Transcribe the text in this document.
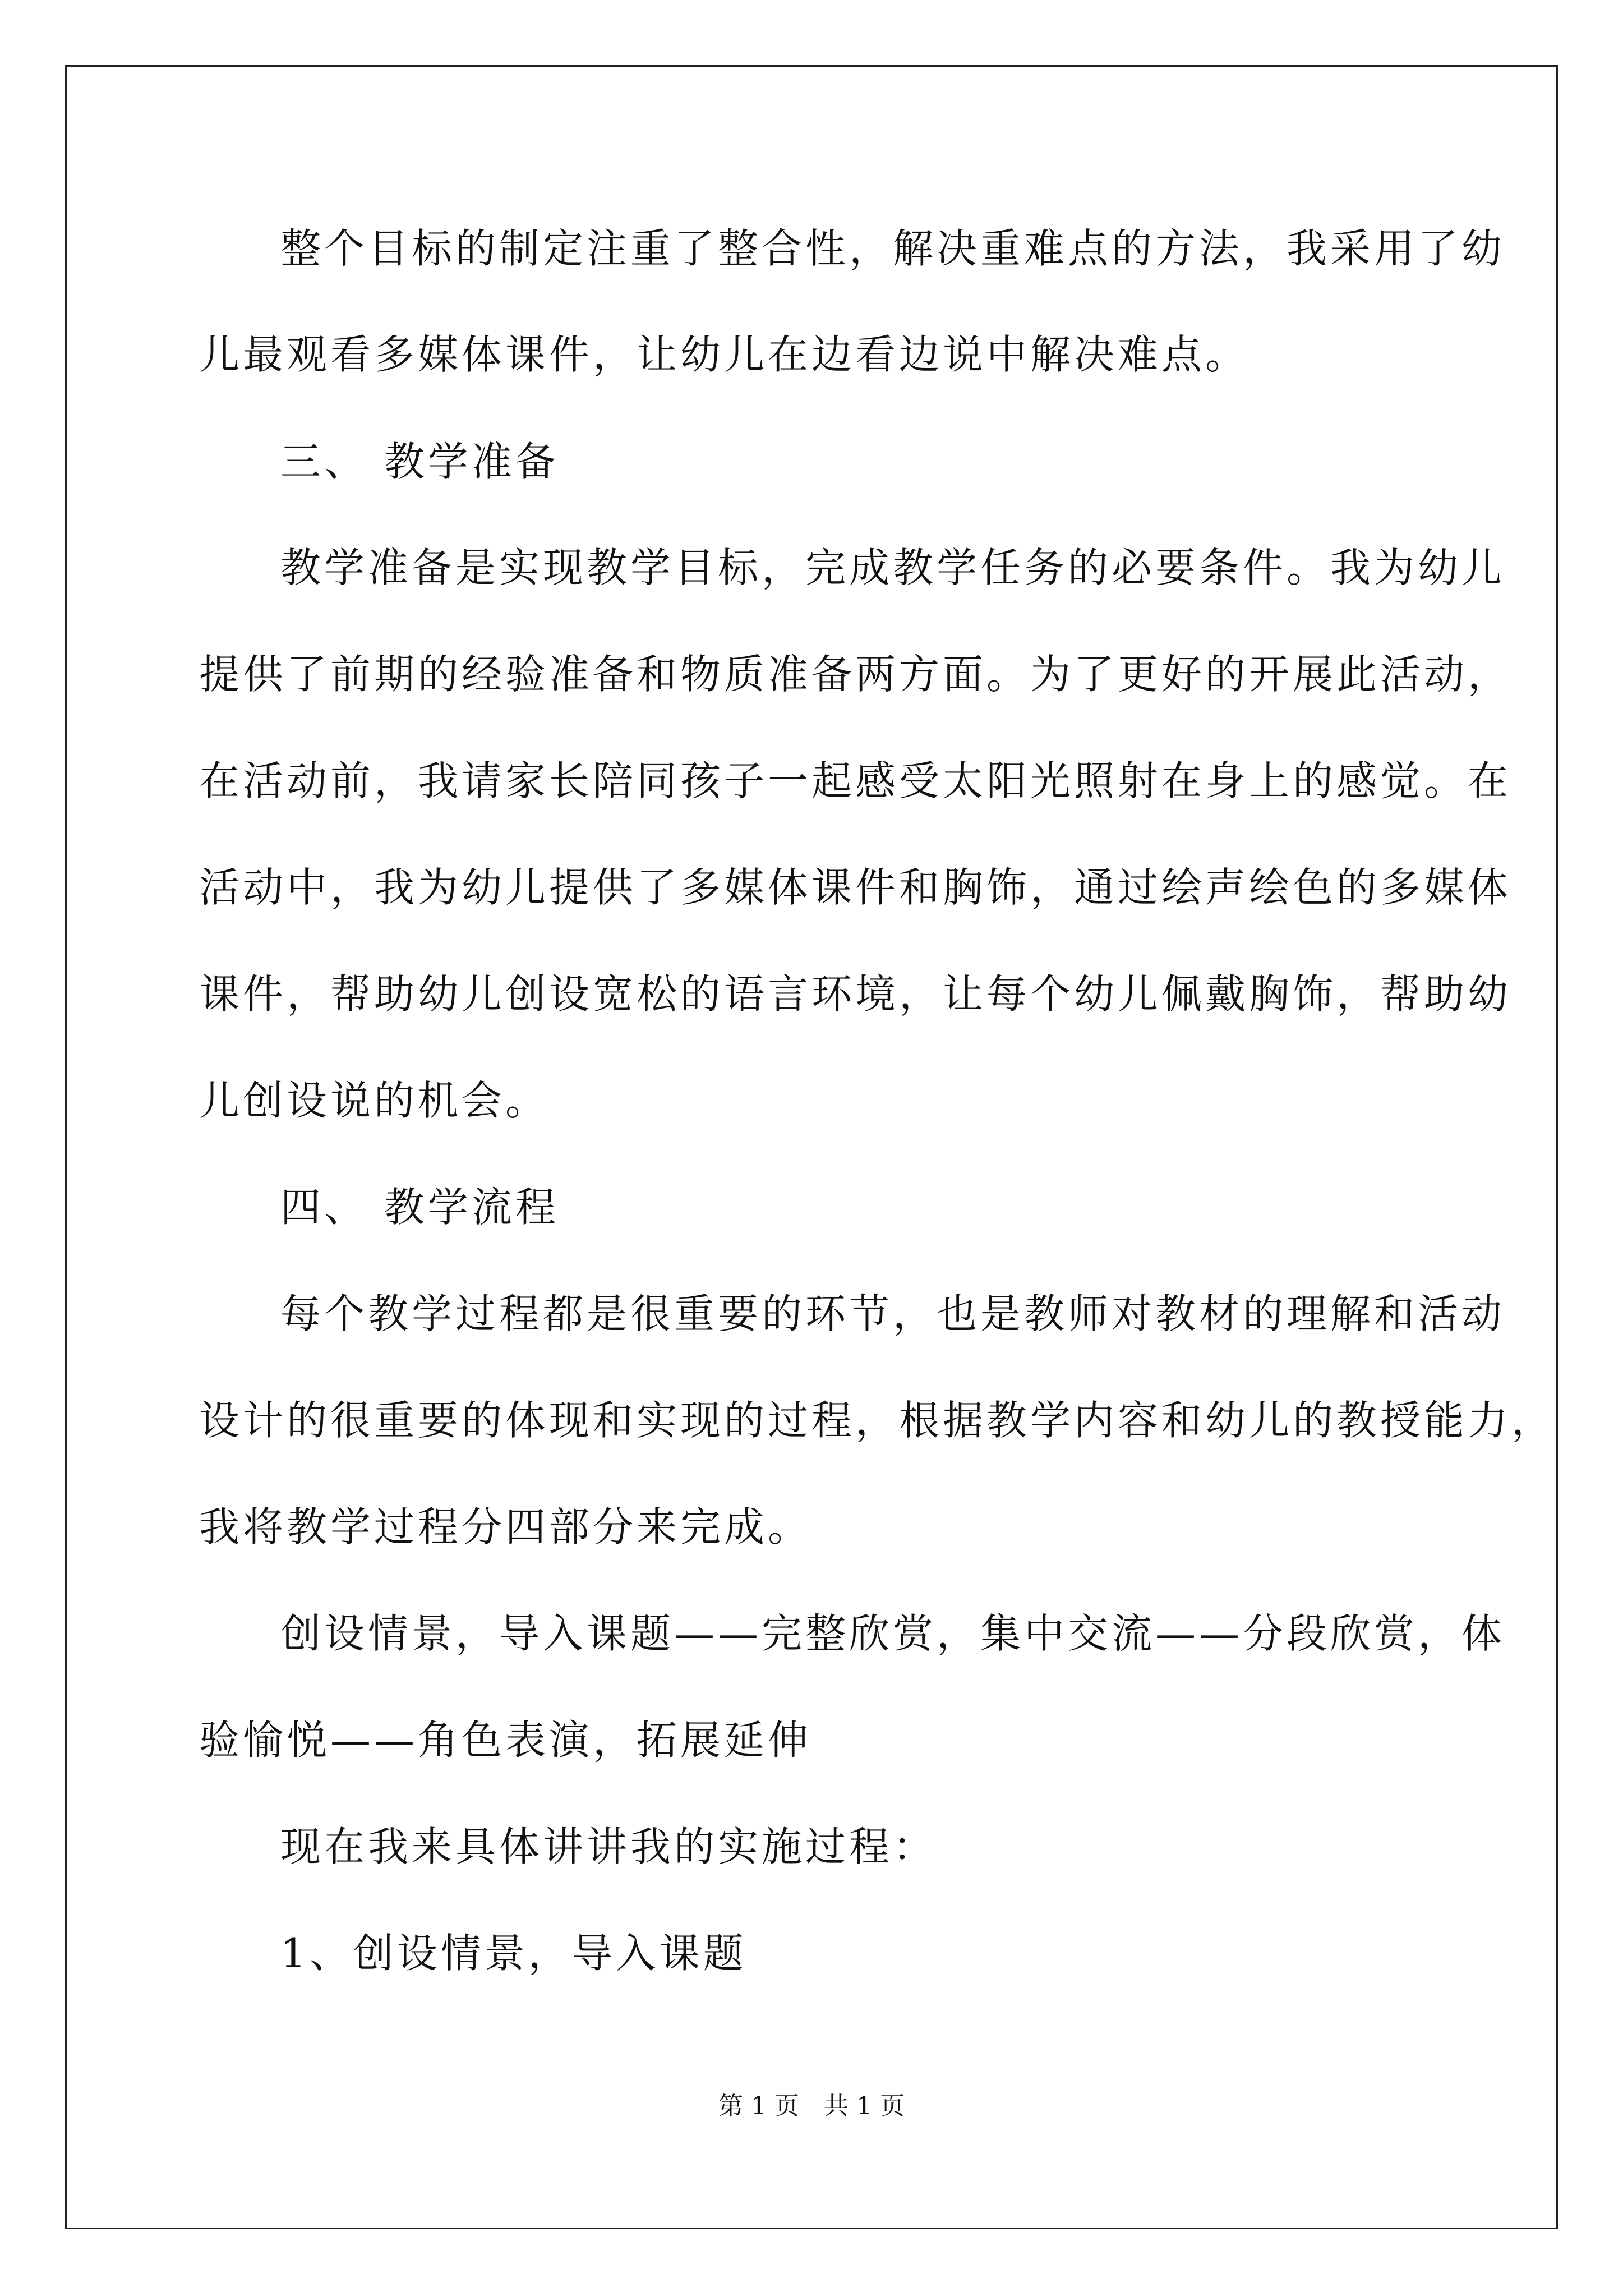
整个目标的制定注重了整合性，解决重难点的方法，我采用了幼
儿最观看多媒体课件，让幼儿在边看边说中解决难点。
三、 教学准备
教学准备是实现教学目标，完成教学任务的必要条件。我为幼儿
提供了前期的经验准备和物质准备两方面。为了更好的开展此活动，
在活动前，我请家长陪同孩子一起感受太阳光照射在身上的感觉。在
活动中，我为幼儿提供了多媒体课件和胸饰，通过绘声绘色的多媒体
课件，帮助幼儿创设宽松的语言环境，让每个幼儿佩戴胸饰，帮助幼
儿创设说的机会。
四、 教学流程
每个教学过程都是很重要的环节，也是教师对教材的理解和活动
设计的很重要的体现和实现的过程，根据教学内容和幼儿的教授能力，
我将教学过程分四部分来完成。
创设情景，导入课题——完整欣赏，集中交流——分段欣赏，体
验愉悦——角色表演，拓展延伸
现在我来具体讲讲我的实施过程：
1、创设情景，导入课题
第 1 页　共 1 页
